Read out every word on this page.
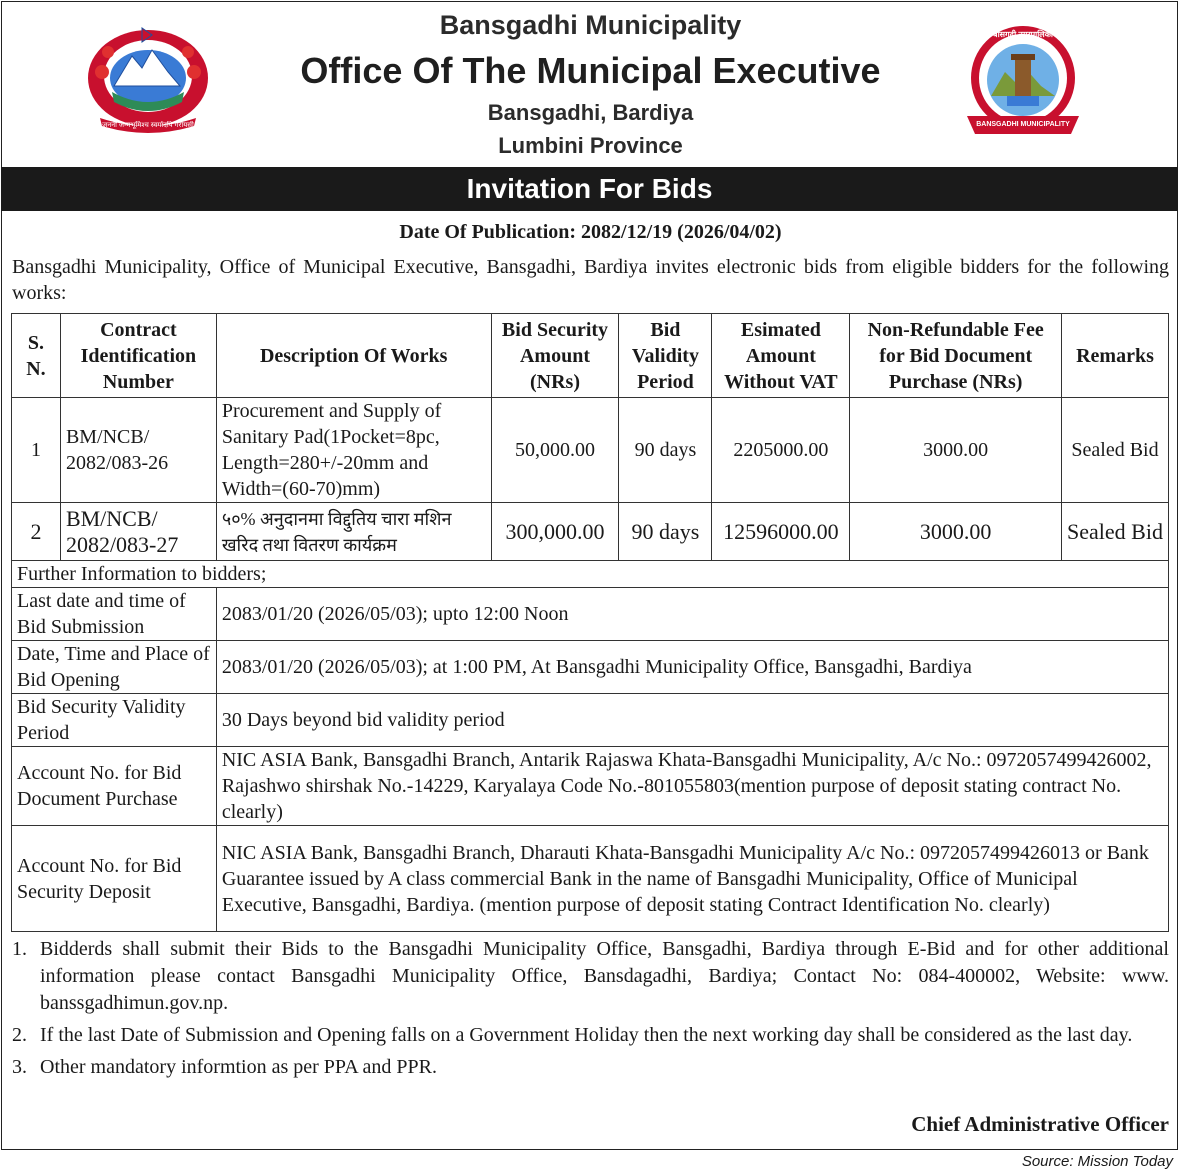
जननी जन्मभूमिश्च स्वर्गादपि गरीयसी
बाँसगढी नगरपालिका
BANSGADHI MUNICIPALITY
Bansgadhi Municipality
Office Of The Municipal Executive
Bansgadhi, Bardiya
Lumbini Province
Invitation For Bids
Date Of Publication: 2082/12/19 (2026/04/02)
Bansgadhi Municipality, Office of Municipal Executive, Bansgadhi, Bardiya invites electronic bids from eligible bidders for the following works:
S. N.	Contract Identification Number	Description Of Works	Bid Security Amount (NRs)	Bid Validity Period	Esimated Amount Without VAT	Non-Refundable Fee for Bid Document Purchase (NRs)	Remarks
1	BM/NCB/ 2082/083-26	Procurement and Supply of Sanitary Pad(1Pocket=8pc, Length=280+/-20mm and Width=(60-70)mm)	50,000.00	90 days	2205000.00	3000.00	Sealed Bid
2	BM/NCB/ 2082/083-27	५०% अनुदानमा विद्दुतिय चारा मशिन खरिद तथा वितरण कार्यक्रम	300,000.00	90 days	12596000.00	3000.00	Sealed Bid
Further Information to bidders;							
Last date and time of Bid Submission		2083/01/20 (2026/05/03); upto 12:00 Noon					
Date, Time and Place of Bid Opening		2083/01/20 (2026/05/03); at 1:00 PM, At Bansgadhi Municipality Office, Bansgadhi, Bardiya					
Bid Security Validity Period		30 Days beyond bid validity period					
Account No. for Bid Document Purchase		NIC ASIA Bank, Bansgadhi Branch, Antarik Rajaswa Khata-Bansgadhi Municipality, A/c No.: 097205749942600​2, Rajashwo shirshak No.-14229, Karyalaya Code No.-801055803(mention purpose of deposit stating contract No. clearly)					
Account No. for Bid Security Deposit		NIC ASIA Bank, Bansgadhi Branch, Dharauti Khata-Bansgadhi Municipality A/c No.: 0972057499426013 or Bank Guarantee issued by A class commercial Bank in the name of Bansgadhi Municipality, Office of Municipal Executive, Bansgadhi, Bardiya. (mention purpose of deposit stating Contract Identification No. clearly)					
1. Bidderds shall submit their Bids to the Bansgadhi Municipality Office, Bansgadhi, Bardiya through E-Bid and for other additional information please contact Bansgadhi Municipality Office, Bansdagadhi, Bardiya; Contact No: 084-400002, Website: www. banssgadhimun.gov.np.
2. If the last Date of Submission and Opening falls on a Government Holiday then the next working day shall be considered as the last day.
3. Other mandatory informtion as per PPA and PPR.
Chief Administrative Officer
Source: Mission Today
